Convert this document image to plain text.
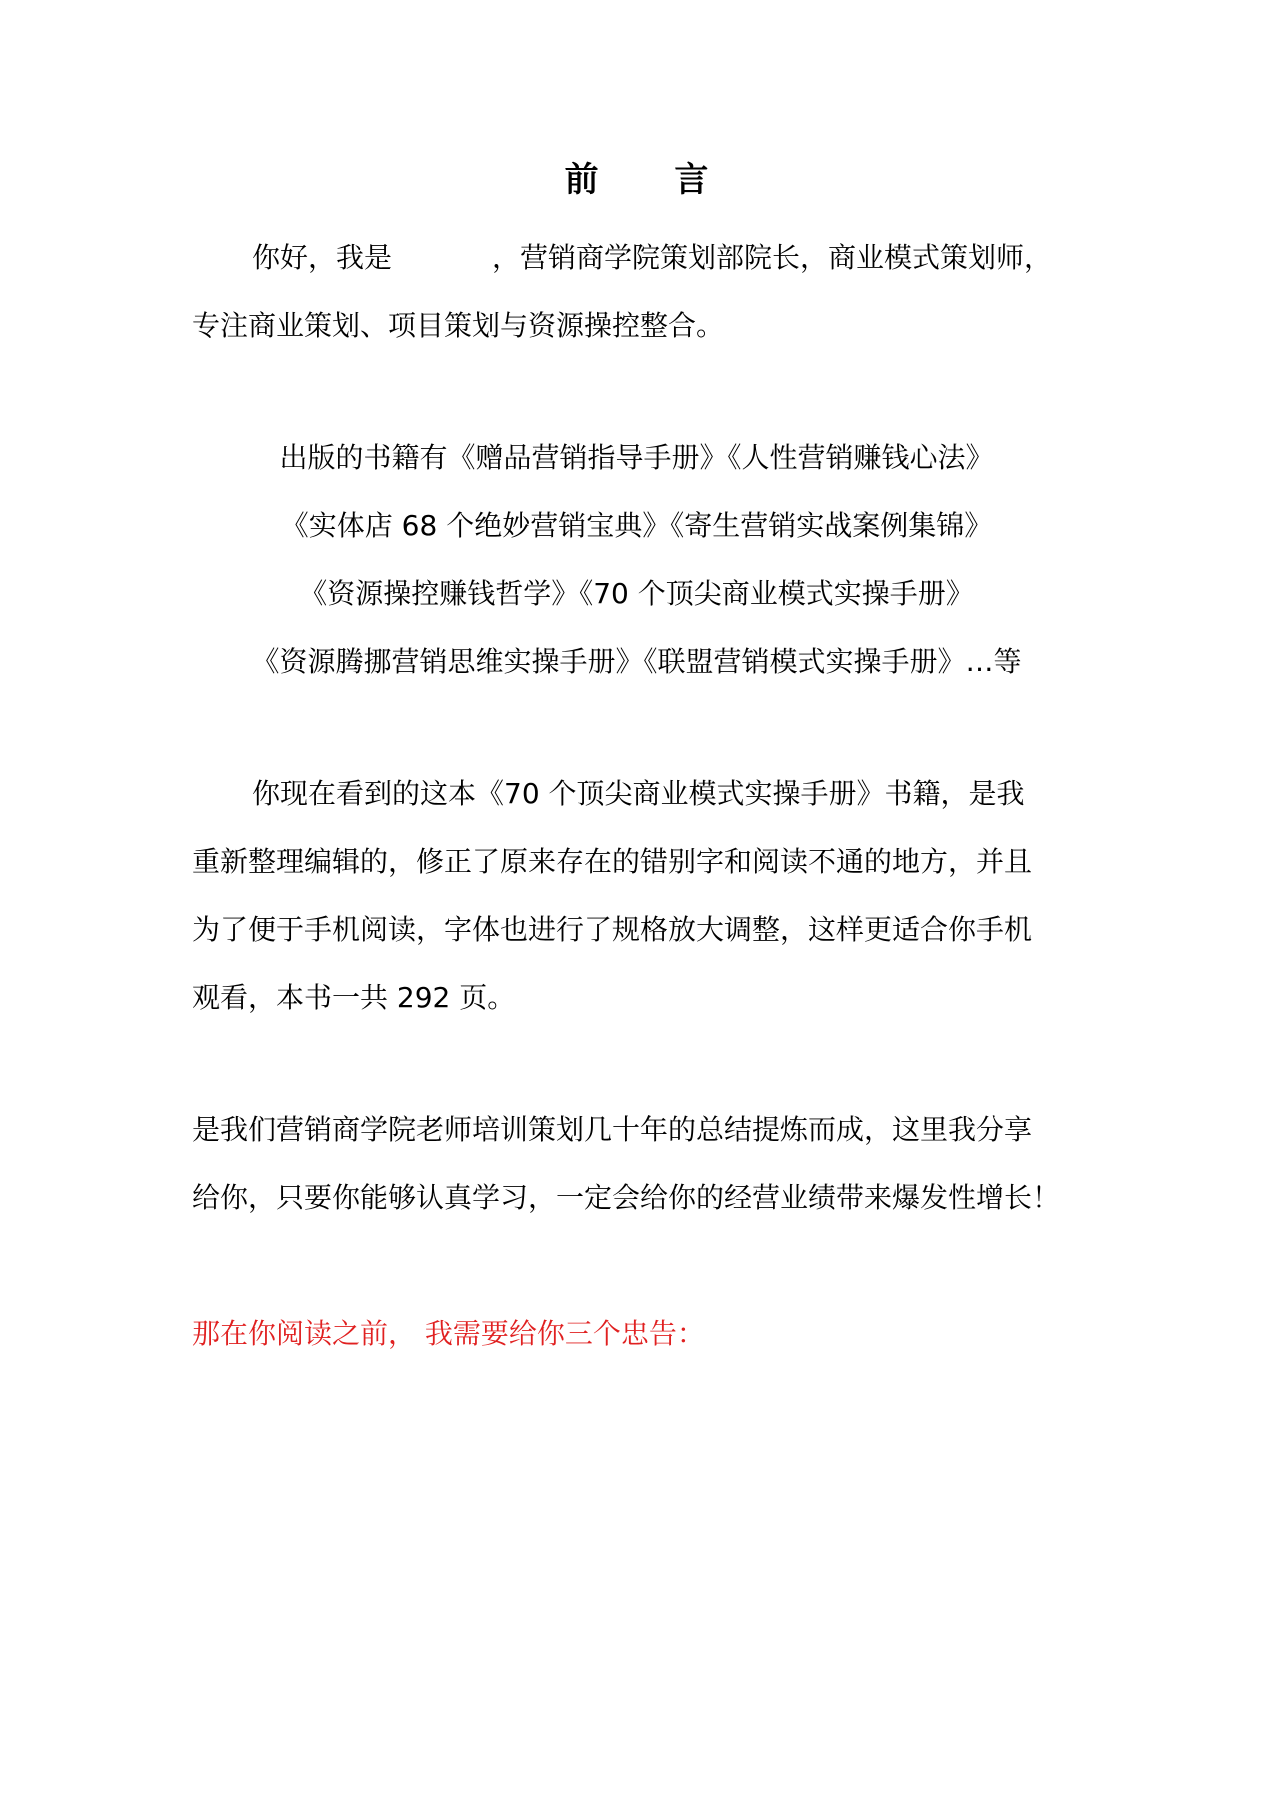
前 言
你好，我是	，营销商学院策划部院长，商业模式策划师，
专注商业策划、项目策划与资源操控整合。
出版的书籍有《赠品营销指导手册》《人性营销赚钱心法》
《实体店 68 个绝妙营销宝典》《寄生营销实战案例集锦》
《资源操控赚钱哲学》《70 个顶尖商业模式实操手册》
《资源腾挪营销思维实操手册》《联盟营销模式实操手册》…等
你现在看到的这本《70 个顶尖商业模式实操手册》书籍，是我
重新整理编辑的，修正了原来存在的错别字和阅读不通的地方，并且
为了便于手机阅读，字体也进行了规格放大调整，这样更适合你手机
观看，本书一共 292 页。
是我们营销商学院老师培训策划几十年的总结提炼而成，这里我分享
给你，只要你能够认真学习，一定会给你的经营业绩带来爆发性增长！
那在你阅读之前， 我需要给你三个忠告：
